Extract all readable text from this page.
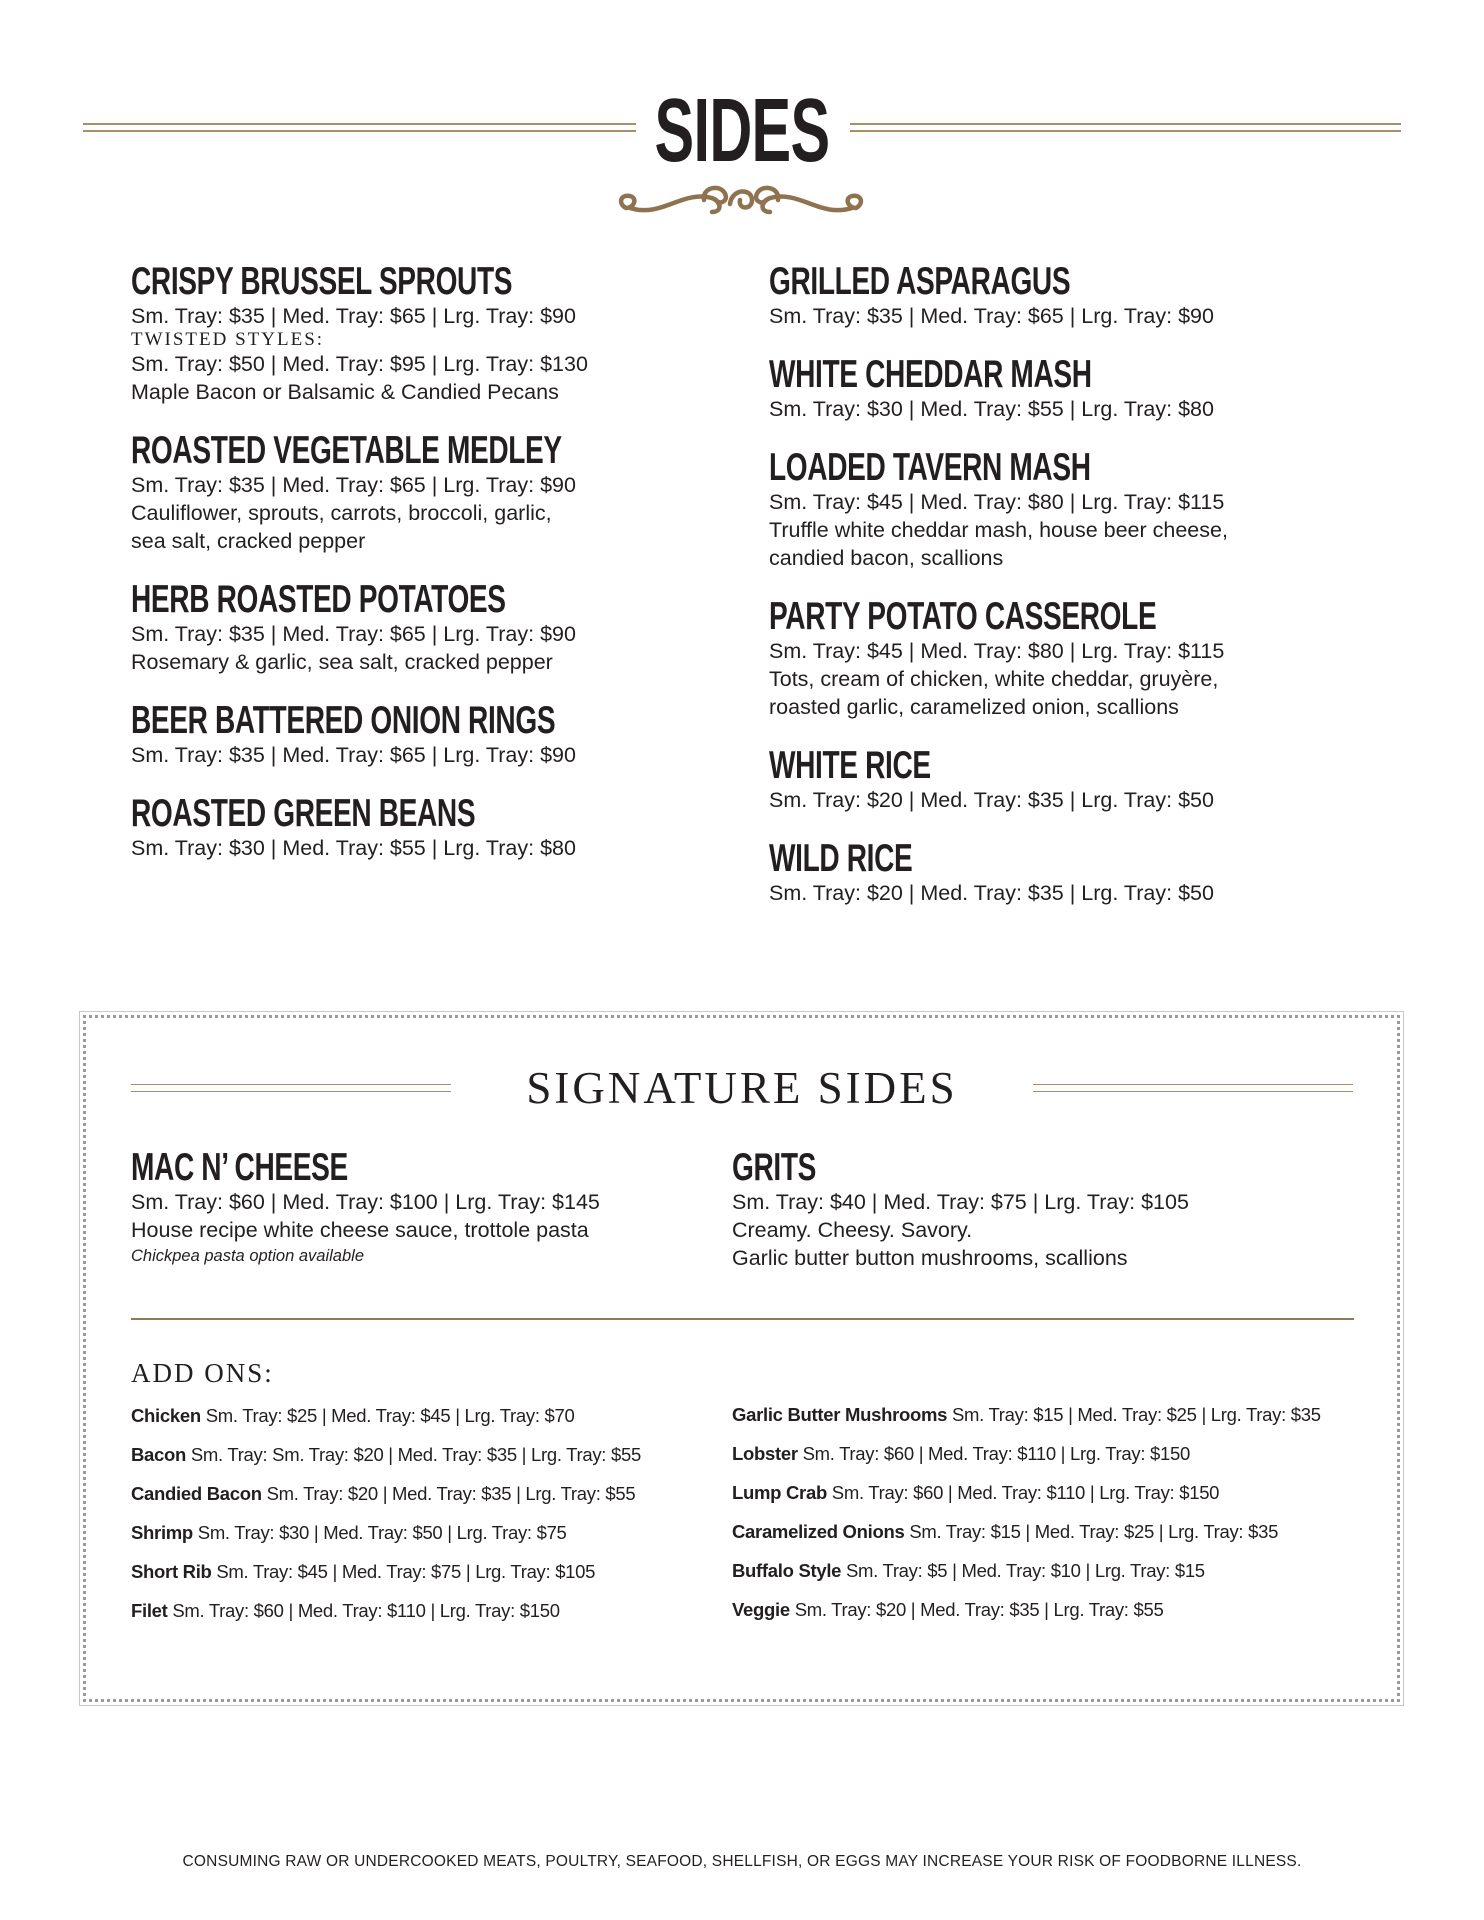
SIDES
CRISPY BRUSSEL SPROUTS
Sm. Tray: $35 | Med. Tray: $65 | Lrg. Tray: $90
TWISTED STYLES:
Sm. Tray: $50 | Med. Tray: $95 | Lrg. Tray: $130
Maple Bacon or Balsamic & Candied Pecans
ROASTED VEGETABLE MEDLEY
Sm. Tray: $35 | Med. Tray: $65 | Lrg. Tray: $90
Cauliflower, sprouts, carrots, broccoli, garlic,
sea salt, cracked pepper
HERB ROASTED POTATOES
Sm. Tray: $35 | Med. Tray: $65 | Lrg. Tray: $90
Rosemary & garlic, sea salt, cracked pepper
BEER BATTERED ONION RINGS
Sm. Tray: $35 | Med. Tray: $65 | Lrg. Tray: $90
ROASTED GREEN BEANS
Sm. Tray: $30 | Med. Tray: $55 | Lrg. Tray: $80
GRILLED ASPARAGUS
Sm. Tray: $35 | Med. Tray: $65 | Lrg. Tray: $90
WHITE CHEDDAR MASH
Sm. Tray: $30 | Med. Tray: $55 | Lrg. Tray: $80
LOADED TAVERN MASH
Sm. Tray: $45 | Med. Tray: $80 | Lrg. Tray: $115
Truffle white cheddar mash, house beer cheese,
candied bacon, scallions
PARTY POTATO CASSEROLE
Sm. Tray: $45 | Med. Tray: $80 | Lrg. Tray: $115
Tots, cream of chicken, white cheddar, gruyère,
roasted garlic, caramelized onion, scallions
WHITE RICE
Sm. Tray: $20 | Med. Tray: $35 | Lrg. Tray: $50
WILD RICE
Sm. Tray: $20 | Med. Tray: $35 | Lrg. Tray: $50
SIGNATURE SIDES
MAC N’ CHEESE
Sm. Tray: $60 | Med. Tray: $100 | Lrg. Tray: $145
House recipe white cheese sauce, trottole pasta
Chickpea pasta option available
GRITS
Sm. Tray: $40 | Med. Tray: $75 | Lrg. Tray: $105
Creamy. Cheesy. Savory.
Garlic butter button mushrooms, scallions
ADD ONS:
Chicken Sm. Tray: $25 | Med. Tray: $45 | Lrg. Tray: $70
Bacon Sm. Tray: Sm. Tray: $20 | Med. Tray: $35 | Lrg. Tray: $55
Candied Bacon Sm. Tray: $20 | Med. Tray: $35 | Lrg. Tray: $55
Shrimp Sm. Tray: $30 | Med. Tray: $50 | Lrg. Tray: $75
Short Rib Sm. Tray: $45 | Med. Tray: $75 | Lrg. Tray: $105
Filet Sm. Tray: $60 | Med. Tray: $110 | Lrg. Tray: $150
Garlic Butter Mushrooms Sm. Tray: $15 | Med. Tray: $25 | Lrg. Tray: $35
Lobster Sm. Tray: $60 | Med. Tray: $110 | Lrg. Tray: $150
Lump Crab Sm. Tray: $60 | Med. Tray: $110 | Lrg. Tray: $150
Caramelized Onions Sm. Tray: $15 | Med. Tray: $25 | Lrg. Tray: $35
Buffalo Style Sm. Tray: $5 | Med. Tray: $10 | Lrg. Tray: $15
Veggie Sm. Tray: $20 | Med. Tray: $35 | Lrg. Tray: $55
CONSUMING RAW OR UNDERCOOKED MEATS, POULTRY, SEAFOOD, SHELLFISH, OR EGGS MAY INCREASE YOUR RISK OF FOODBORNE ILLNESS.
